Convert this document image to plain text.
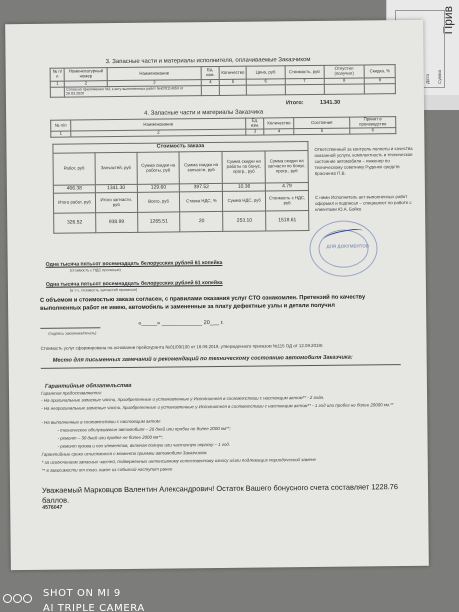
Прив
Дата Сумма
3. Запасные части и материалы исполнителя, оплачиваемые Заказчиком
№ п/п	Номенклатурный номер	Наименование	Ед. изм.	Количество	Цена, руб	Стоимость, руб	Отпуcтил (получил)	Скидка, %
1	2	3	4	5	6	7	8	9
	Согласно приложению №1 к акту выполненных работ №КУ0114959 от 26.03.2020							
Итого:	1341.30
4. Запасные части и материалы Заказчика
№ п/п	Наименование	Ед. изм.	Количество	Состояние	Принят в производство
1	2	3	4	5	6
Стоимость заказа					
Работ, руб	Запчастей, руб	Сумма скидки на работы, руб	Сумма скидки на запчасти, руб	Сумма скидки на работы по бонус. прогр., руб	Сумма скидки на запчасти по бонус. прогр., руб
466.38	1341.30	129.60	397.52	10.36	4.79
Итого работ, руб	Итого запчасти, руб	Всего, руб	Ставка НДС, %	Сумма НДС, руб	Стоимость с НДС, руб
326.52	938.99	1265.51	20	253.10	1518.61
Ответственный за контроль полноты и качества оказанной услуги, комплектность и техническое состояние автомобиля – инженер по техническому советнику Руденко средств Красненко П.В.
С ними Исполнитель акт выполненных работ оформил и подписал – специалист по работе с клиентами Ю.А. Бойко
ДЛЯ ДОКУМЕНТОВ
Одна тысяча пятьсот восемнадцать белорусских рублей 61 копейка
(стоимость с НДС прописью)
Одна тысяча пятьсот восемнадцать белорусских рублей 61 копейка
(в т.ч. стоимость запчастей прописью)
С объемом и стоимостью заказа согласен, с правилами оказания услуг СТО ознакомлен. Претензий по качеству выполненных работ не имею, автомобиль и замененные за плату дефектные узлы и детали получил
«_____» _____________ 20___ г.
(подпись заказчика/печать)
Стоимость услуг сформирована на основании прейскуранта №01/09/100 от 16.09.2019, утвержденного приказом №115 ОД от 12.09.2019г.
Место для письменных замечаний и рекомендаций по техническому состоянию автомобиля Заказчика:
Гарантийные обязательства
Гарантия предоставляется:
- На оригинальные запасные части, приобретенные и установленные у Исполнителя в соответствии с настоящим актом** - 2 года.
- На неоригинальные запасные части, приобретенные и установленные у Исполнителя в соответствии с настоящим актом** - 1 год или пробег не более 20000 км.**
- На выполненные в соответствии с настоящим актом:
- техническое обслуживание автомобиля – 20 дней или пробег не более 2000 км**;
- ремонт – 30 дней или пробег не более 2000 км**;
- ремонт кузова и его элементов, включая полную или частичную окраску – 1 год.
Гарантийные сроки исчисляются с момента приемки автомобиля Заказчиком.
* за исключением запасных частей, подверженных интенсивному естественному износу и/или подлежащих периодической замене
** в зависимости от того, какое из событий наступит ранее
Уважаемый Марковцов Валентин Александрович! Остаток Вашего бонусного счета составляет 1228.76 баллов.
4576047
SHOT ON MI 9
AI TRIPLE CAMERA
